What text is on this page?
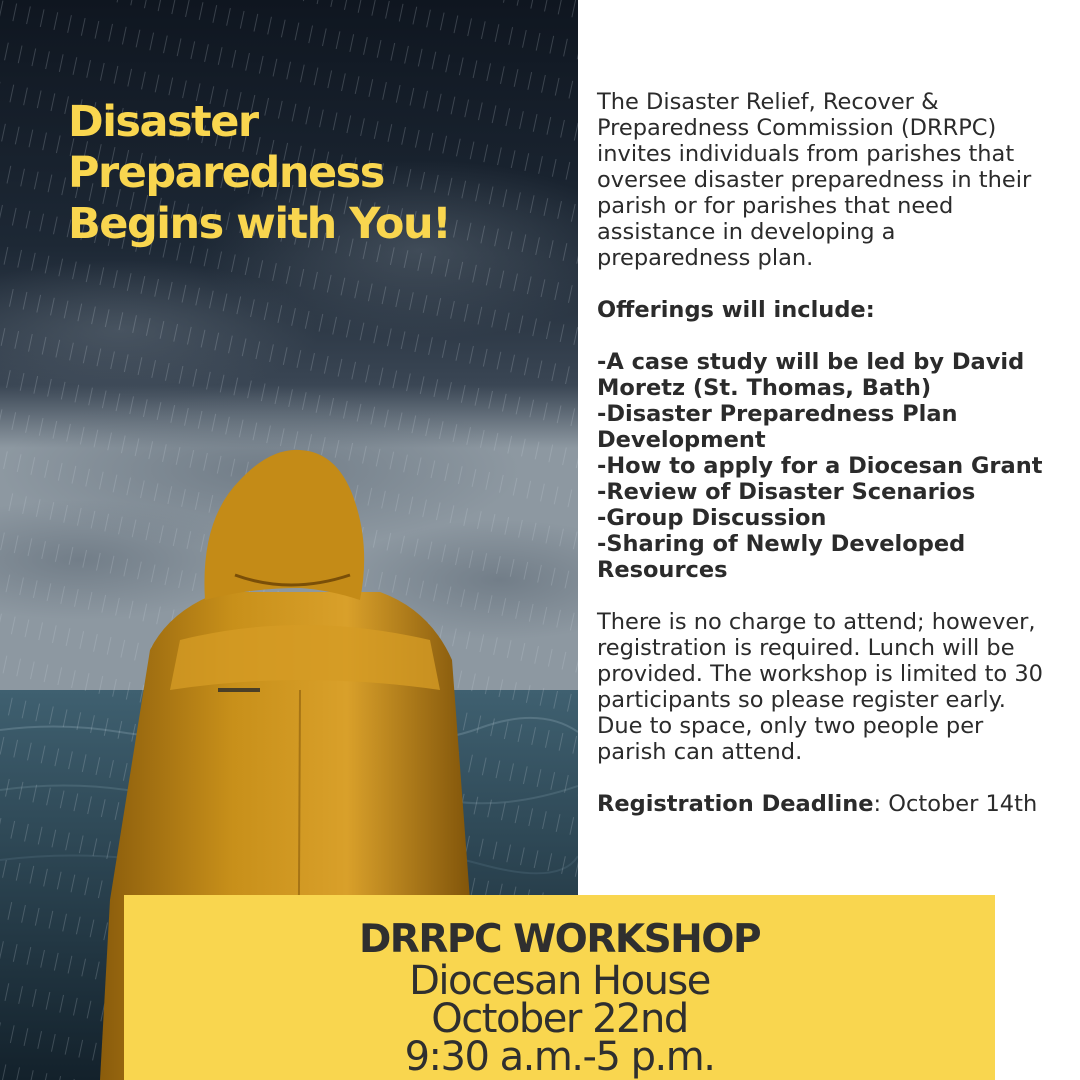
Disaster
Preparedness
Begins with You!

The Disaster Relief, Recover &
Preparedness Commission (DRRPC)
invites individuals from parishes that
oversee disaster preparedness in their
parish or for parishes that need
assistance in developing a
preparedness plan.

Offerings will include:

-A case study will be led by David
Moretz (St. Thomas, Bath)
-Disaster Preparedness Plan
Development
-How to apply for a Diocesan Grant
-Review of Disaster Scenarios
-Group Discussion
-Sharing of Newly Developed
Resources

There is no charge to attend; however,
registration is required. Lunch will be
provided. The workshop is limited to 30
participants so please register early.
Due to space, only two people per
parish can attend.

Registration Deadline: October 14th

DRRPC WORKSHOP
Diocesan House
October 22nd
9:30 a.m.-5 p.m.
